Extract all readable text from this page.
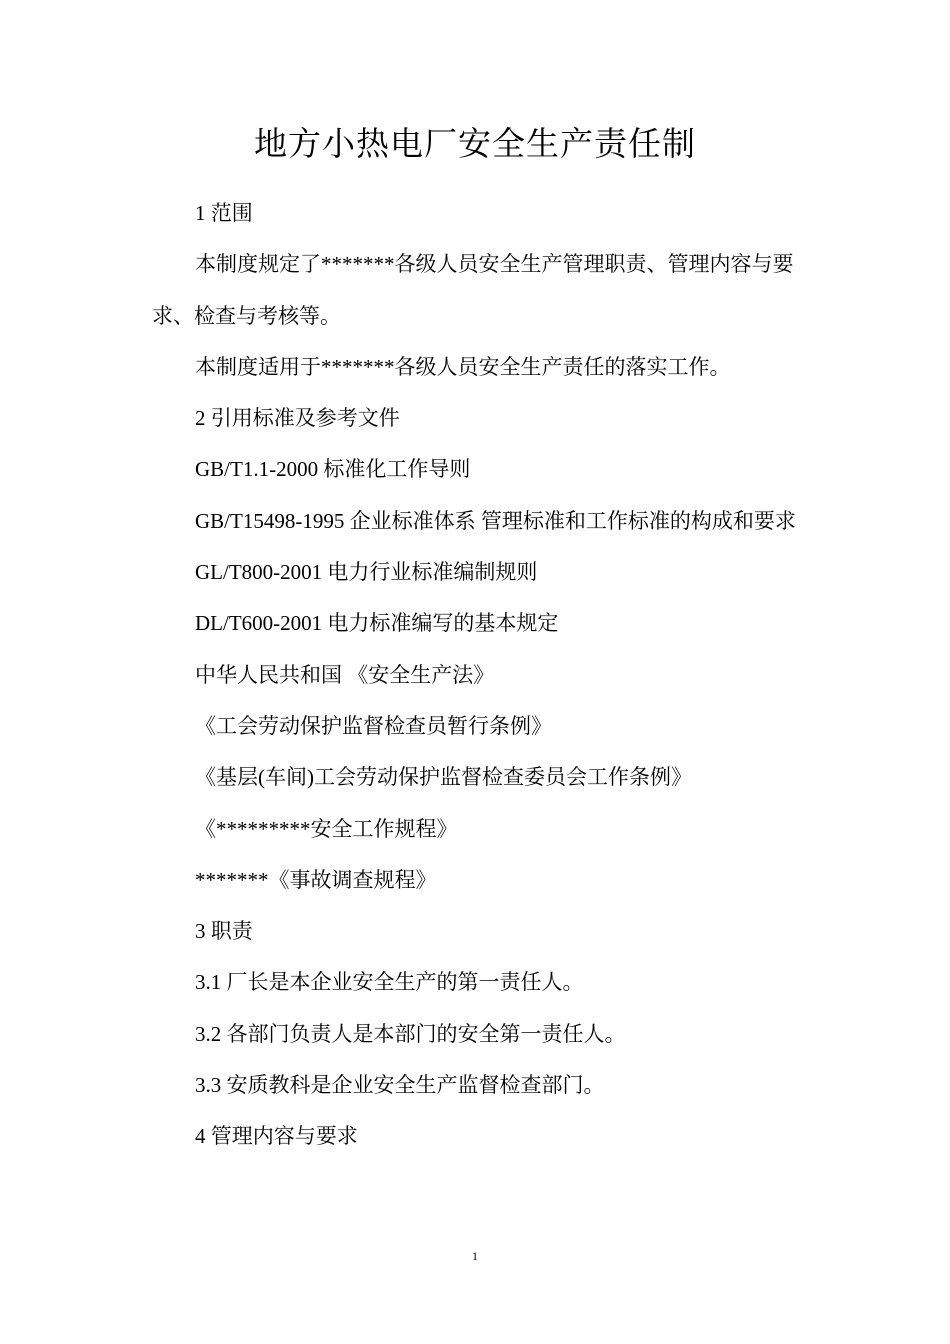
地方小热电厂安全生产责任制

1 范围

本制度规定了*******各级人员安全生产管理职责、管理内容与要求、检查与考核等。

本制度适用于*******各级人员安全生产责任的落实工作。

2 引用标准及参考文件

GB/T1.1-2000 标准化工作导则

GB/T15498-1995 企业标准体系 管理标准和工作标准的构成和要求

GL/T800-2001 电力行业标准编制规则

DL/T600-2001 电力标准编写的基本规定

中华人民共和国 《安全生产法》

《工会劳动保护监督检查员暂行条例》

《基层(车间)工会劳动保护监督检查委员会工作条例》

《*********安全工作规程》

*******《事故调查规程》

3 职责

3.1 厂长是本企业安全生产的第一责任人。

3.2 各部门负责人是本部门的安全第一责任人。

3.3 安质教科是企业安全生产监督检查部门。

4 管理内容与要求

1
